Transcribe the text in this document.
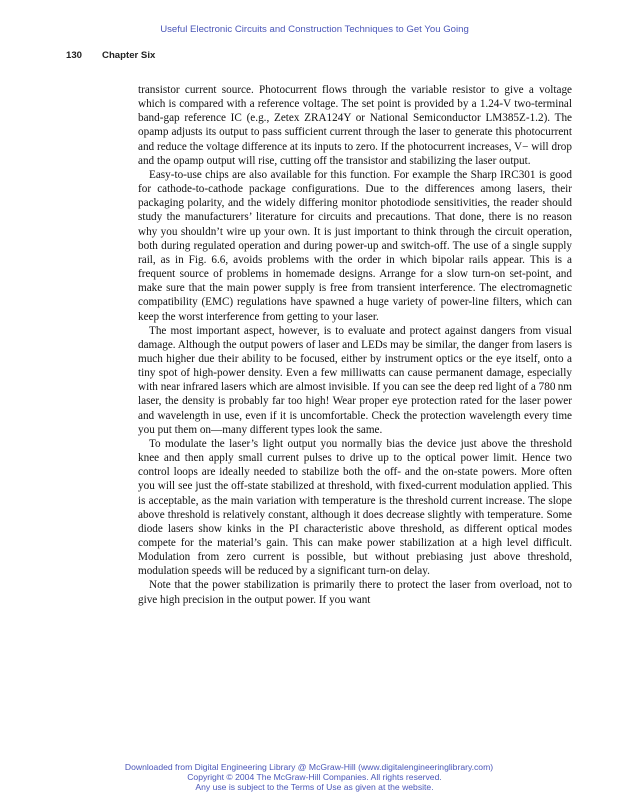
Useful Electronic Circuits and Construction Techniques to Get You Going
130 Chapter Six

transistor current source. Photocurrent flows through the variable resistor to give a voltage which is compared with a reference voltage. The set point is provided by a 1.24-V two-terminal band-gap reference IC (e.g., Zetex ZRA124Y or National Semiconductor LM385Z-1.2). The opamp adjusts its output to pass sufficient current through the laser to generate this photocurrent and reduce the voltage difference at its inputs to zero. If the photocurrent increases, V− will drop and the opamp output will rise, cutting off the transistor and stabilizing the laser output.

Easy-to-use chips are also available for this function. For example the Sharp IRC301 is good for cathode-to-cathode package configurations. Due to the differences among lasers, their packaging polarity, and the widely differing monitor photodiode sensitivities, the reader should study the manufacturers’ literature for circuits and precautions. That done, there is no reason why you shouldn’t wire up your own. It is just important to think through the circuit operation, both during regulated operation and during power-up and switch-off. The use of a single supply rail, as in Fig. 6.6, avoids problems with the order in which bipolar rails appear. This is a frequent source of problems in homemade designs. Arrange for a slow turn-on set-point, and make sure that the main power supply is free from transient interference. The electromagnetic compatibility (EMC) regulations have spawned a huge variety of power-line filters, which can keep the worst interference from getting to your laser.

The most important aspect, however, is to evaluate and protect against dangers from visual damage. Although the output powers of laser and LEDs may be similar, the danger from lasers is much higher due their ability to be focused, either by instrument optics or the eye itself, onto a tiny spot of high-power density. Even a few milliwatts can cause permanent damage, especially with near infrared lasers which are almost invisible. If you can see the deep red light of a 780 nm laser, the density is probably far too high! Wear proper eye protection rated for the laser power and wavelength in use, even if it is uncomfortable. Check the protection wavelength every time you put them on—many different types look the same.

To modulate the laser’s light output you normally bias the device just above the threshold knee and then apply small current pulses to drive up to the optical power limit. Hence two control loops are ideally needed to stabilize both the off- and the on-state powers. More often you will see just the off-state stabilized at threshold, with fixed-current modulation applied. This is acceptable, as the main variation with temperature is the threshold current increase. The slope above threshold is relatively constant, although it does decrease slightly with temperature. Some diode lasers show kinks in the PI characteristic above threshold, as different optical modes compete for the material’s gain. This can make power stabilization at a high level difficult. Modulation from zero current is possible, but without prebiasing just above threshold, modulation speeds will be reduced by a significant turn-on delay.

Note that the power stabilization is primarily there to protect the laser from overload, not to give high precision in the output power. If you want

Downloaded from Digital Engineering Library @ McGraw-Hill (www.digitalengineeringlibrary.com)
Copyright © 2004 The McGraw-Hill Companies. All rights reserved.
Any use is subject to the Terms of Use as given at the website.
